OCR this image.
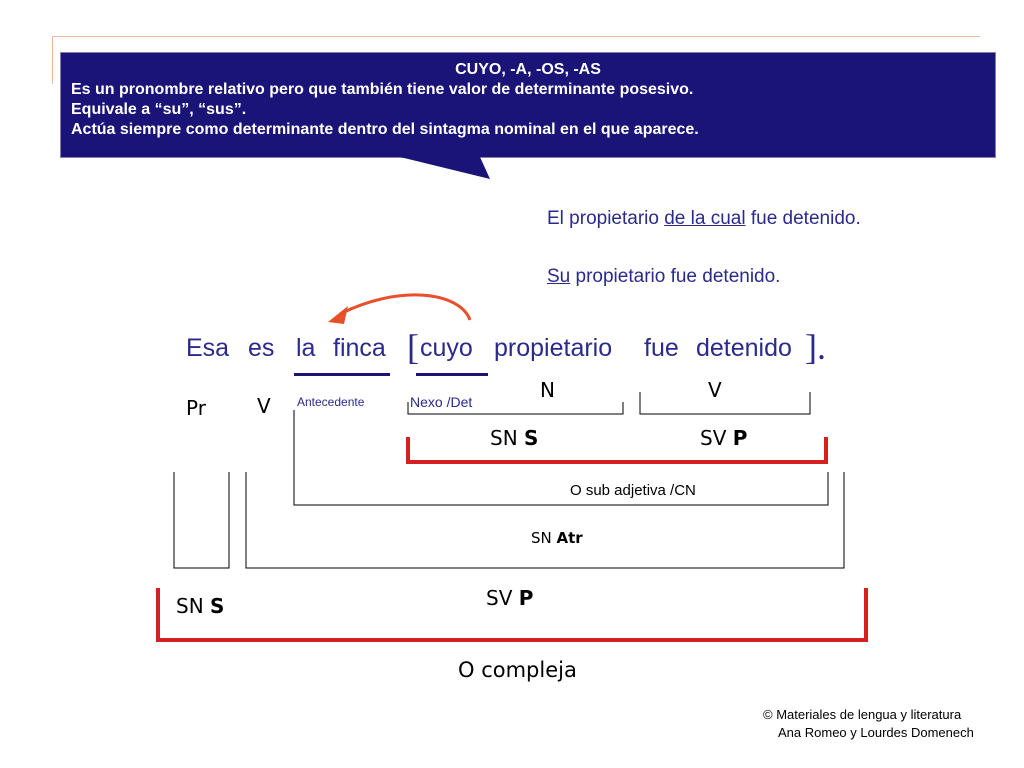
CUYO, -A, -OS, -AS
Es un pronombre relativo pero que también tiene valor de determinante posesivo.
Equivale a “su”, “sus”.
Actúa siempre como determinante dentro del sintagma nominal en el que aparece.
El propietario de la cual fue detenido.
Su propietario fue detenido.
Esa es la finca [ cuyo propietario fue detenido ].
Pr	V Antecedente	Nexo /Det	N	V
SN S	SV P
O sub adjetiva /CN
SN Atr
SV P
SN S
O compleja
© Materiales de lengua y literatura
Ana Romeo y Lourdes Domenech
